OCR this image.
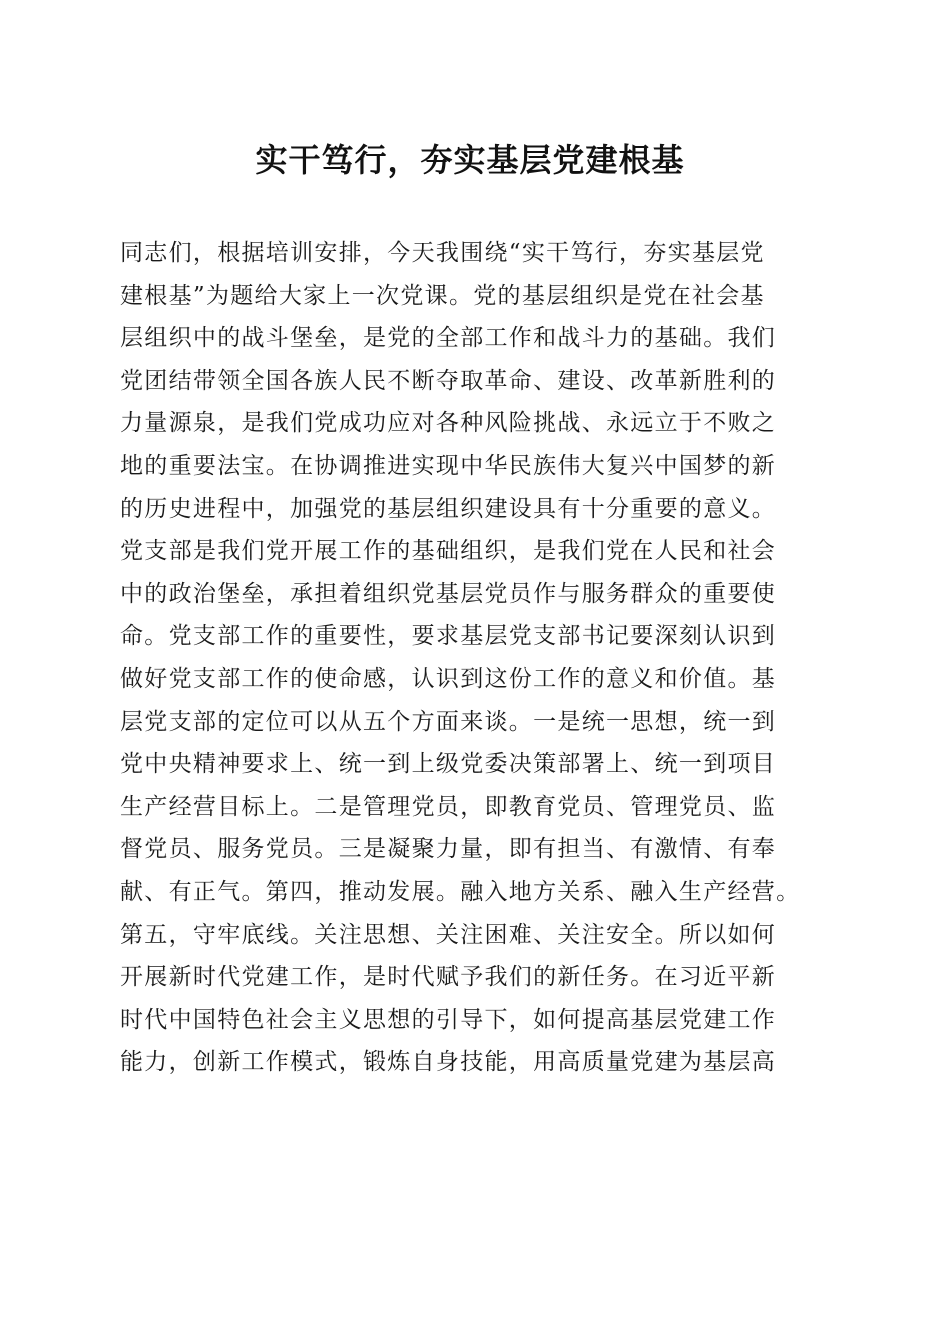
实干笃行，夯实基层党建根基
同志们，根据培训安排，今天我围绕“实干笃行，夯实基层党
建根基”为题给大家上一次党课。党的基层组织是党在社会基
层组织中的战斗堡垒，是党的全部工作和战斗力的基础。我们
党团结带领全国各族人民不断夺取革命、建设、改革新胜利的
力量源泉，是我们党成功应对各种风险挑战、永远立于不败之
地的重要法宝。在协调推进实现中华民族伟大复兴中国梦的新
的历史进程中，加强党的基层组织建设具有十分重要的意义。
党支部是我们党开展工作的基础组织，是我们党在人民和社会
中的政治堡垒，承担着组织党基层党员作与服务群众的重要使
命。党支部工作的重要性，要求基层党支部书记要深刻认识到
做好党支部工作的使命感，认识到这份工作的意义和价值。基
层党支部的定位可以从五个方面来谈。一是统一思想，统一到
党中央精神要求上、统一到上级党委决策部署上、统一到项目
生产经营目标上。二是管理党员，即教育党员、管理党员、监
督党员、服务党员。三是凝聚力量，即有担当、有激情、有奉
献、有正气。第四，推动发展。融入地方关系、融入生产经营。
第五，守牢底线。关注思想、关注困难、关注安全。所以如何
开展新时代党建工作，是时代赋予我们的新任务。在习近平新
时代中国特色社会主义思想的引导下，如何提高基层党建工作
能力，创新工作模式，锻炼自身技能，用高质量党建为基层高
